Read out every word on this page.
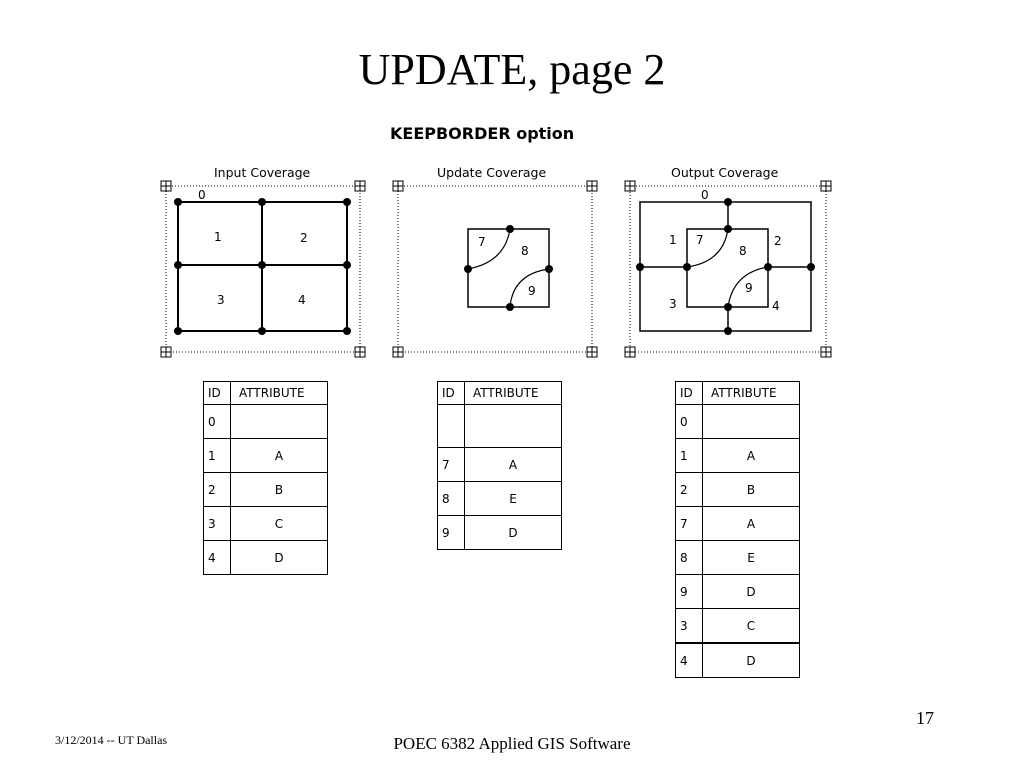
UPDATE, page 2
KEEPBORDER option
Input Coverage	Update Coverage	Output Coverage
0
1	2
3	4
7
8
9
0
1	2
3	4
7
8
9
ID	ATTRIBUTE
0	
1	A
2	B
3	C
4	D
ID	ATTRIBUTE

7	A
8	E
9	D
ID	ATTRIBUTE
0	
1	A
2	B
7	A
8	E
9	D
3	C
4	D
17
3/12/2014 -- UT Dallas	POEC 6382 Applied GIS Software
